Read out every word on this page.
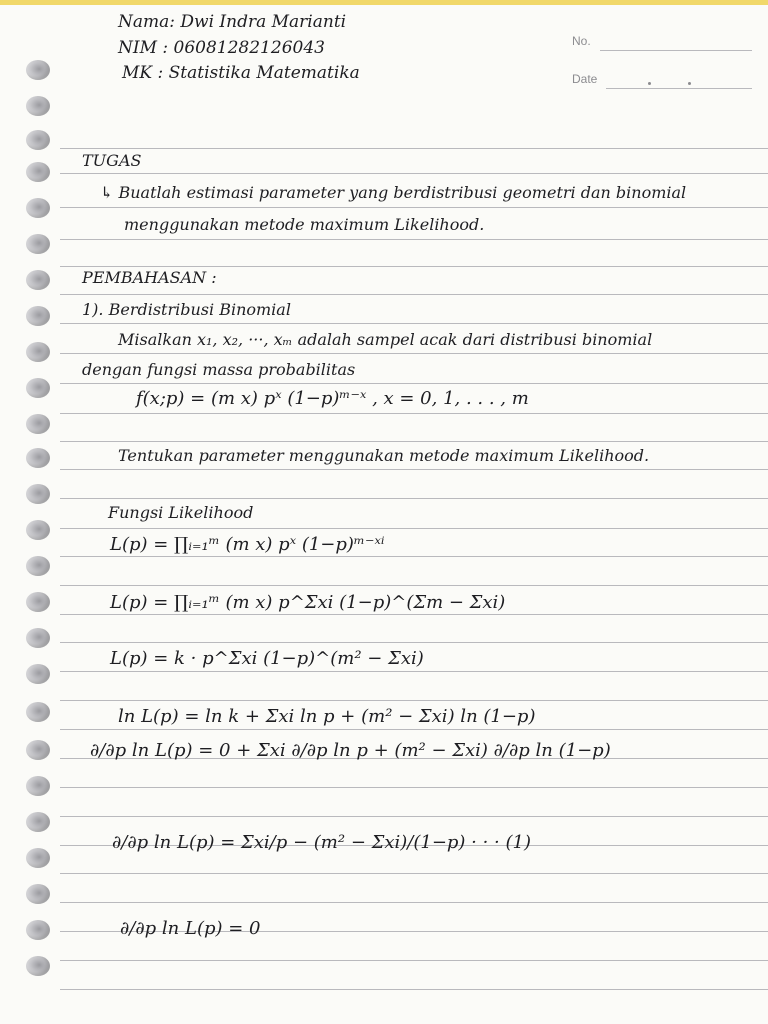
No.
Date
Nama: Dwi Indra Marianti
NIM : 06081282126043
MK : Statistika Matematika
TUGAS
↳ Buatlah estimasi parameter yang berdistribusi geometri dan binomial
menggunakan metode maximum Likelihood.
PEMBAHASAN :
1). Berdistribusi Binomial
Misalkan x₁, x₂, ···, xₘ adalah sampel acak dari distribusi binomial
dengan fungsi massa probabilitas
f(x;p) = (m x) pˣ (1−p)ᵐ⁻ˣ , x = 0, 1, . . . , m
Tentukan parameter menggunakan metode maximum Likelihood.
Fungsi Likelihood
L(p) = ∏ᵢ₌₁ᵐ (m x) pˣ (1−p)ᵐ⁻ˣⁱ
L(p) = ∏ᵢ₌₁ᵐ (m x) p^Σxi (1−p)^(Σm − Σxi)
L(p) = k · p^Σxi (1−p)^(m² − Σxi)
ln L(p) = ln k + Σxi ln p + (m² − Σxi) ln (1−p)
∂/∂p ln L(p) = 0 + Σxi ∂/∂p ln p + (m² − Σxi) ∂/∂p ln (1−p)
∂/∂p ln L(p) = Σxi/p − (m² − Σxi)/(1−p) · · · (1)
∂/∂p ln L(p) = 0
